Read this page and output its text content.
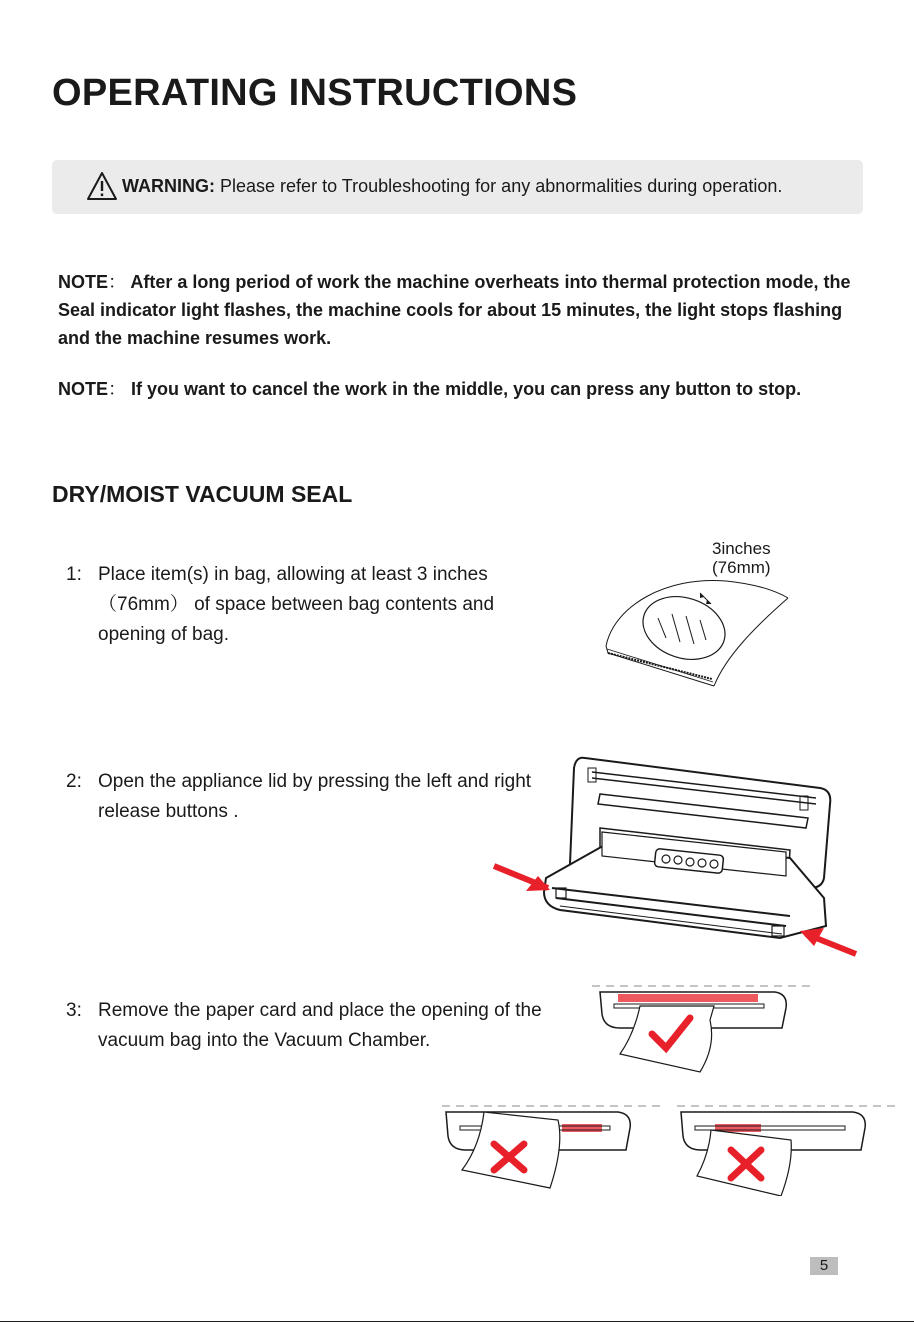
OPERATING INSTRUCTIONS
WARNING: Please refer to Troubleshooting for any abnormalities during operation.
NOTE： After a long period of work the machine overheats into thermal protection mode, the Seal indicator light flashes, the machine cools for about 15 minutes, the light stops flashing and the machine resumes work.
NOTE： If you want to cancel the work in the middle, you can press any button to stop.
DRY/MOIST VACUUM SEAL
1: Place item(s) in bag, allowing at least 3 inches （76mm） of space between bag contents and opening of bag.
2: Open the appliance lid by pressing the left and right release buttons .
3: Remove the paper card and place the opening of the vacuum bag into the Vacuum Chamber.
3inches
(76mm)
5
